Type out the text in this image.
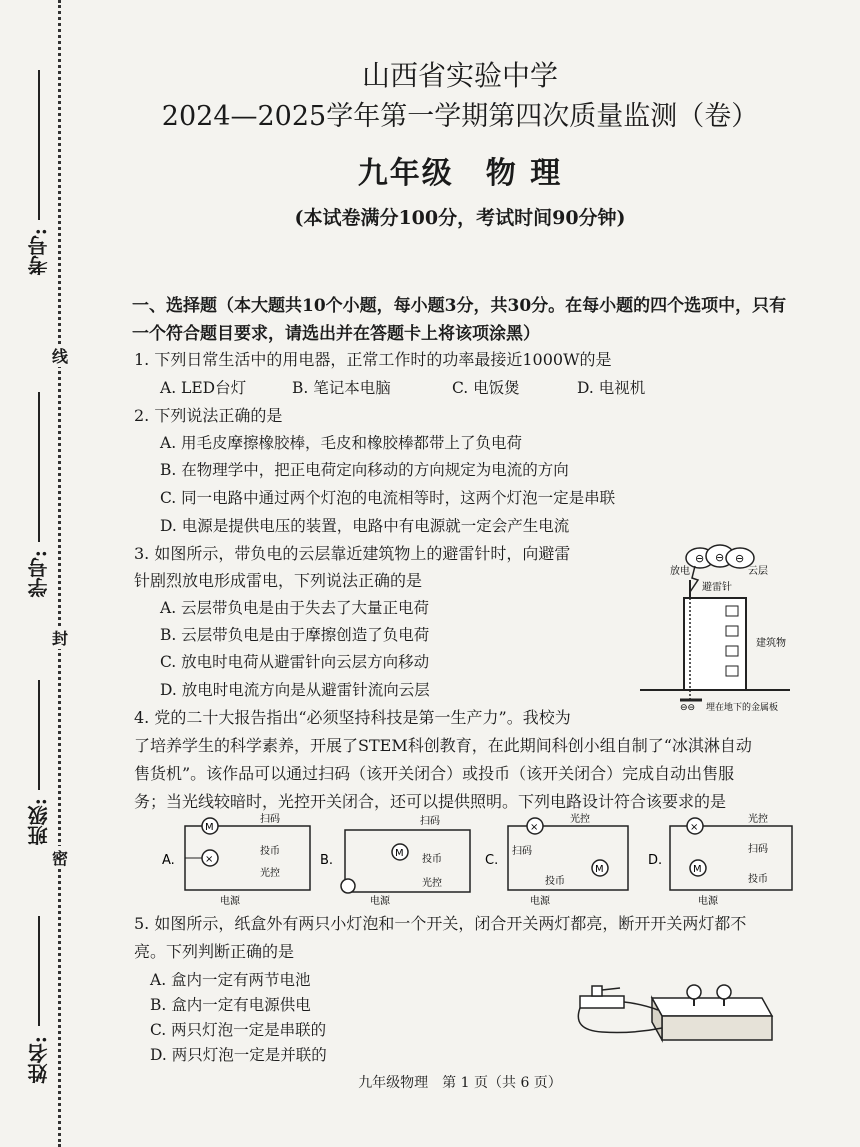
考号:
线
学号:
封
班级:
密
姓名:
山西省实验中学
2024—2025学年第一学期第四次质量监测（卷）
九年级　物 理
(本试卷满分100分，考试时间90分钟)
一、选择题（本大题共10个小题，每小题3分，共30分。在每小题的四个选项中，只有一个符合题目要求，请选出并在答题卡上将该项涂黑）
1. 下列日常生活中的用电器，正常工作时的功率最接近1000W的是
A. LED台灯	B. 笔记本电脑	C. 电饭煲	D. 电视机
2. 下列说法正确的是
A. 用毛皮摩擦橡胶棒，毛皮和橡胶棒都带上了负电荷
B. 在物理学中，把正电荷定向移动的方向规定为电流的方向
C. 同一电路中通过两个灯泡的电流相等时，这两个灯泡一定是串联
D. 电源是提供电压的装置，电路中有电源就一定会产生电流
3. 如图所示，带负电的云层靠近建筑物上的避雷针时，向避雷
针剧烈放电形成雷电，下列说法正确的是
A. 云层带负电是由于失去了大量正电荷
B. 云层带负电是由于摩擦创造了负电荷
C. 放电时电荷从避雷针向云层方向移动
D. 放电时电流方向是从避雷针流向云层
⊖ ⊖ ⊖
放电	云层
避雷针
建筑物
⊖⊖ 埋在地下的金属板
4. 党的二十大报告指出“必须坚持科技是第一生产力”。我校为
了培养学生的科学素养，开展了STEM科创教育，在此期间科创小组自制了“冰淇淋自动
售货机”。该作品可以通过扫码（该开关闭合）或投币（该开关闭合）完成自动出售服
务；当光线较暗时，光控开关闭合，还可以提供照明。下列电路设计符合该要求的是
A.
M
×
扫码
投币
光控
电源
B.	M
扫码
投币
光控
电源
C.
×
M
光控
扫码
投币
电源
D.
×
M
光控
扫码
投币
电源
5. 如图所示，纸盒外有两只小灯泡和一个开关，闭合开关两灯都亮，断开开关两灯都不
亮。下列判断正确的是
A. 盒内一定有两节电池
B. 盒内一定有电源供电
C. 两只灯泡一定是串联的
D. 两只灯泡一定是并联的
九年级物理　第 1 页（共 6 页）
